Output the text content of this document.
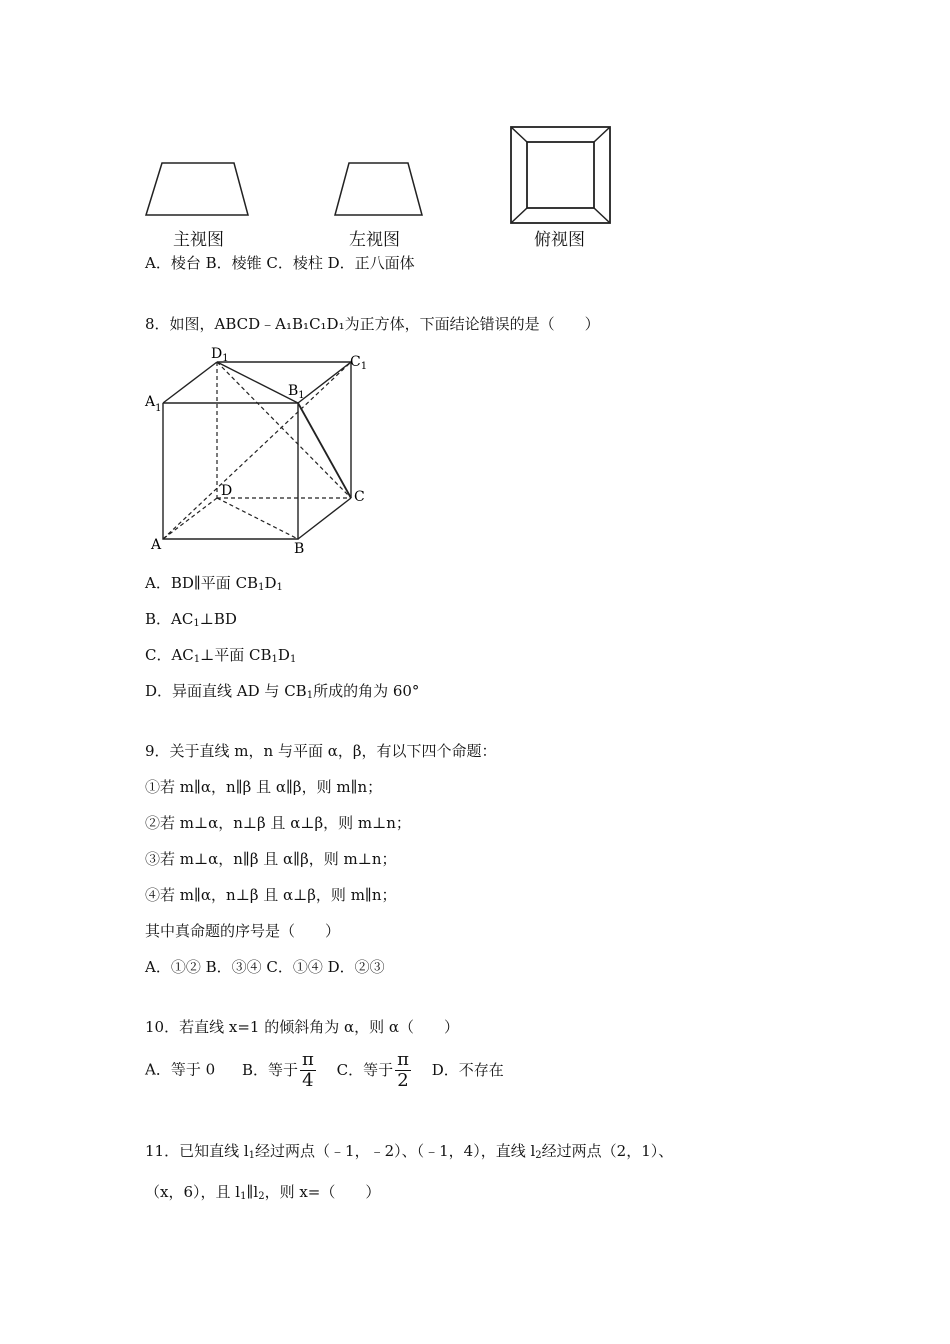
主视图	左视图	俯视图
A．棱台 B．棱锥 C．棱柱 D．正八面体
8．如图，ABCD﹣A₁B₁C₁D₁为正方体，下面结论错误的是（　　）
$D_1$	$C_1$
$B_1$
$A_1$
D	C
A	B
A．BD∥平面 $CB_1D_1$
B．$AC_1\perp BD$
C．$AC_1\perp$平面 $CB_1D_1$
D．异面直线 AD 与 $CB_1$所成的角为 60°
9．关于直线 m，n 与平面 α，β，有以下四个命题：
①若 m∥α，n∥β 且 α∥β，则 m∥n；
②若 m⊥α，n⊥β 且 α⊥β，则 m⊥n；
③若 m⊥α，n∥β 且 α∥β，则 m⊥n；
④若 m∥α，n⊥β 且 α⊥β，则 m∥n；
其中真命题的序号是（　　）
A．①② B．③④ C．①④ D．②③
10．若直线 x=1 的倾斜角为 α，则 α（　　）
A．等于 0 B．等于 $\frac{\pi}{4}$ C．等于 $\frac{\pi}{2}$ D．不存在
11．已知直线 $l_1$经过两点（﹣1，﹣2）、（﹣1，4），直线 $l_2$经过两点（2，1）、
（x，6），且 $l_1\parallel l_2$，则 x=（　　）
